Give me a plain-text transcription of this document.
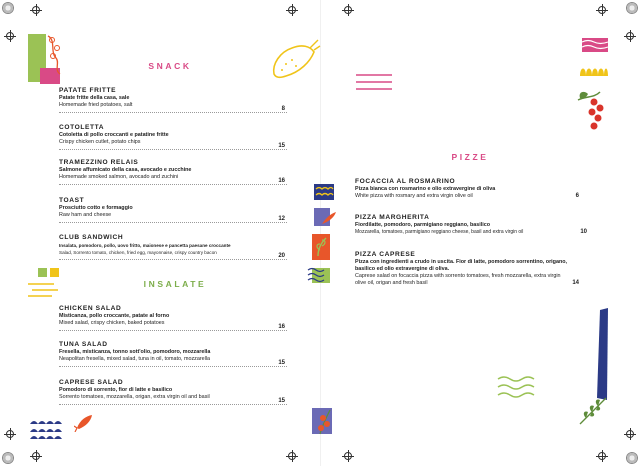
SNACK
PATATE FRITTE
Patate fritte della casa, sale
Homemade fried potatoes, salt
8
COTOLETTA
Cotoletta di pollo croccanti e patatine fritte
Crispy chicken cutlet, potato chips
15
TRAMEZZINO RELAIS
Salmone affumicato della casa, avocado e zucchine
Homemade smoked salmon, avocado and zuchini
16
TOAST
Prosciutto cotto e formaggio
Raw ham and cheese
12
CLUB SANDWICH
Insalata, pomodoro, pollo, uovo fritto, maionese e pancetta paesane croccante
Salad, Sorrento tomato, chicken, fried egg, mayonnaise, crispy country bacon
20
INSALATE
CHICKEN SALAD
Misticanza, pollo croccante, patate al forno
Mixed salad, crispy chicken, baked potatoes
16
TUNA SALAD
Fresella, misticanza, tonno sott'olio, pomodoro, mozzarella
Neapolitan fresella, mixed salad, tuna in oil, tomato, mozzarella
15
CAPRESE SALAD
Pomodoro di sorrento, fior di latte e basilico
Sorrento tomatoes, mozzarella, origan, extra virgin oil and basil
15
PIZZE
FOCACCIA AL ROSMARINO
Pizza bianca con rosmarino e olio extravergine di oliva
White pizza with rosmary and extra virgin olive oil	6
PIZZA MARGHERITA
Fiordilatte, pomodoro, parmigiano reggiano, basilico
Mozzarella, tomatoes, parmigiano reggiano cheese, basil and extra virgin oil	10
PIZZA CAPRESE
Pizza con ingredienti a crudo in uscita. Fior di latte, pomodoro sorrentino, origano, basilico ed olio extravergine di oliva.
Caprese salad on focaccia pizza with sorrento tomatoes, fresh mozzarella, extra virgin olive oil, origan and fresh basil	14
